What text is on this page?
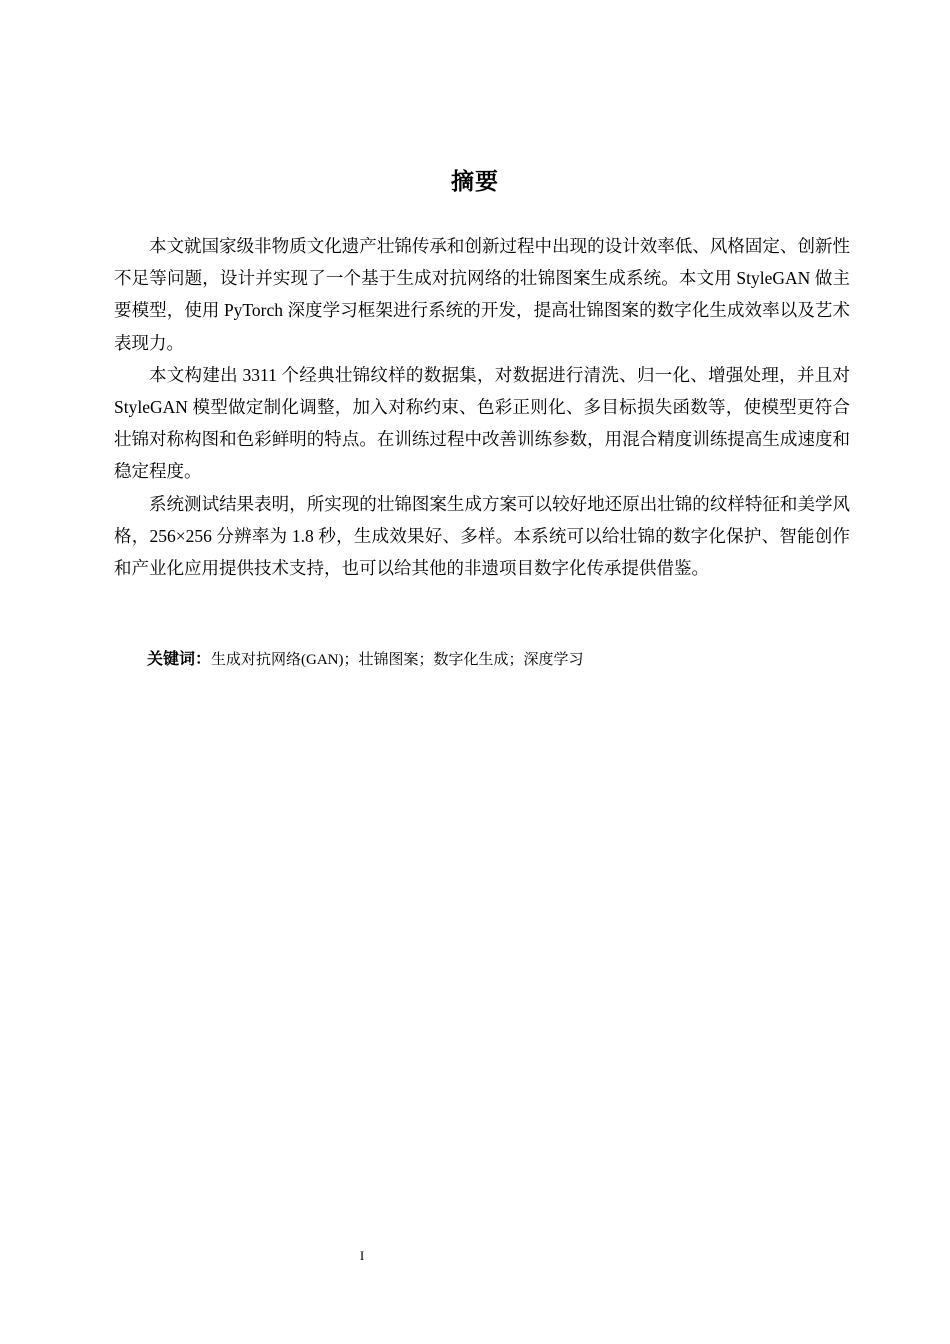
摘要

本文就国家级非物质文化遗产壮锦传承和创新过程中出现的设计效率低、风格固定、创新性不足等问题，设计并实现了一个基于生成对抗网络的壮锦图案生成系统。本文用 StyleGAN 做主要模型，使用 PyTorch 深度学习框架进行系统的开发，提高壮锦图案的数字化生成效率以及艺术表现力。

本文构建出 3311 个经典壮锦纹样的数据集，对数据进行清洗、归一化、增强处理，并且对 StyleGAN 模型做定制化调整，加入对称约束、色彩正则化、多目标损失函数等，使模型更符合壮锦对称构图和色彩鲜明的特点。在训练过程中改善训练参数，用混合精度训练提高生成速度和稳定程度。

系统测试结果表明，所实现的壮锦图案生成方案可以较好地还原出壮锦的纹样特征和美学风格，256×256 分辨率为 1.8 秒，生成效果好、多样。本系统可以给壮锦的数字化保护、智能创作和产业化应用提供技术支持，也可以给其他的非遗项目数字化传承提供借鉴。

关键词：生成对抗网络(GAN)；壮锦图案；数字化生成；深度学习
I
